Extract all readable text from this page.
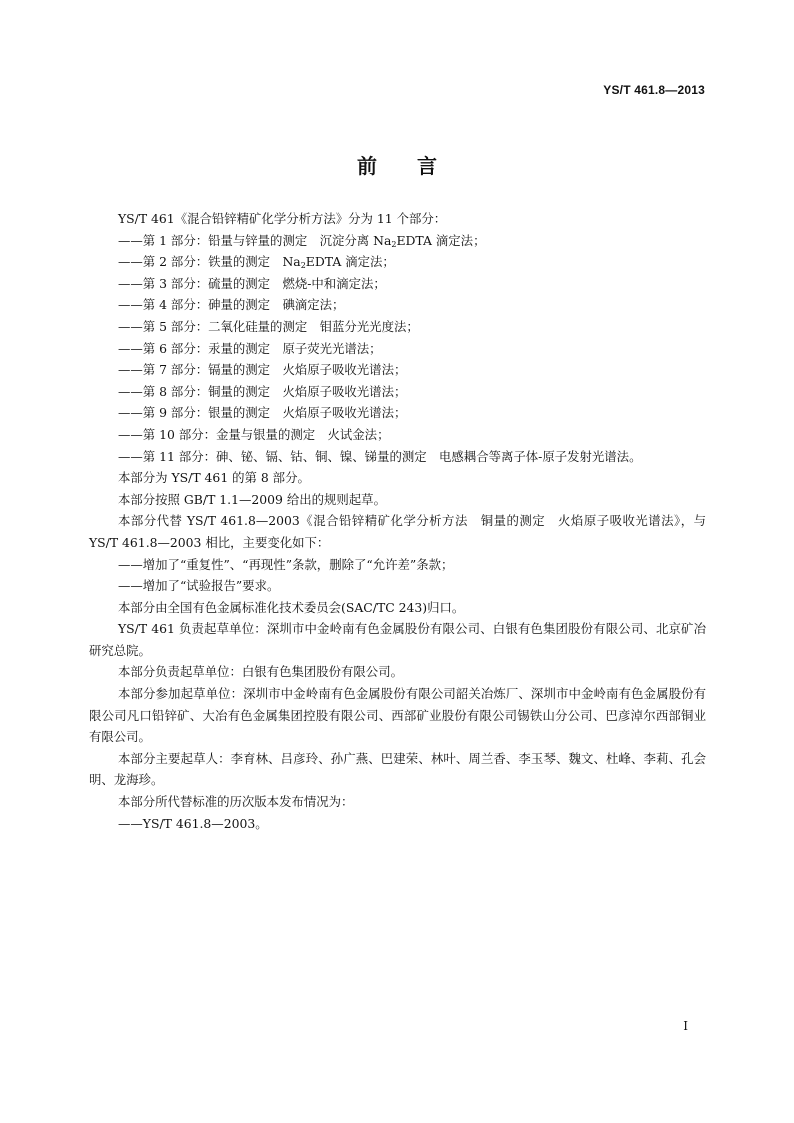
YS/T 461.8—2013
前言

YS/T 461《混合铅锌精矿化学分析方法》分为 11 个部分：

——第 1 部分：铅量与锌量的测定　沉淀分离 $Na_2EDTA$ 滴定法；

——第 2 部分：铁量的测定　$Na_2EDTA$ 滴定法；

——第 3 部分：硫量的测定　燃烧-中和滴定法；

——第 4 部分：砷量的测定　碘滴定法；

——第 5 部分：二氧化硅量的测定　钼蓝分光光度法；

——第 6 部分：汞量的测定　原子荧光光谱法；

——第 7 部分：镉量的测定　火焰原子吸收光谱法；

——第 8 部分：铜量的测定　火焰原子吸收光谱法；

——第 9 部分：银量的测定　火焰原子吸收光谱法；

——第 10 部分：金量与银量的测定　火试金法；

——第 11 部分：砷、铋、镉、钴、铜、镍、锑量的测定　电感耦合等离子体-原子发射光谱法。

本部分为 YS/T 461 的第 8 部分。

本部分按照 GB/T 1.1—2009 给出的规则起草。

本部分代替 YS/T 461.8—2003《混合铅锌精矿化学分析方法　铜量的测定　火焰原子吸收光谱法》，与 YS/T 461.8—2003 相比，主要变化如下：

——增加了“重复性”、“再现性”条款，删除了“允许差”条款；

——增加了“试验报告”要求。

本部分由全国有色金属标准化技术委员会(SAC/TC 243)归口。

YS/T 461 负责起草单位：深圳市中金岭南有色金属股份有限公司、白银有色集团股份有限公司、北京矿冶研究总院。

本部分负责起草单位：白银有色集团股份有限公司。

本部分参加起草单位：深圳市中金岭南有色金属股份有限公司韶关冶炼厂、深圳市中金岭南有色金属股份有限公司凡口铅锌矿、大冶有色金属集团控股有限公司、西部矿业股份有限公司锡铁山分公司、巴彦淖尔西部铜业有限公司。

本部分主要起草人：李育林、吕彦玲、孙广燕、巴建荣、林叶、周兰香、李玉琴、魏文、杜峰、李莉、孔会明、龙海珍。

本部分所代替标准的历次版本发布情况为：

——YS/T 461.8—2003。

I
